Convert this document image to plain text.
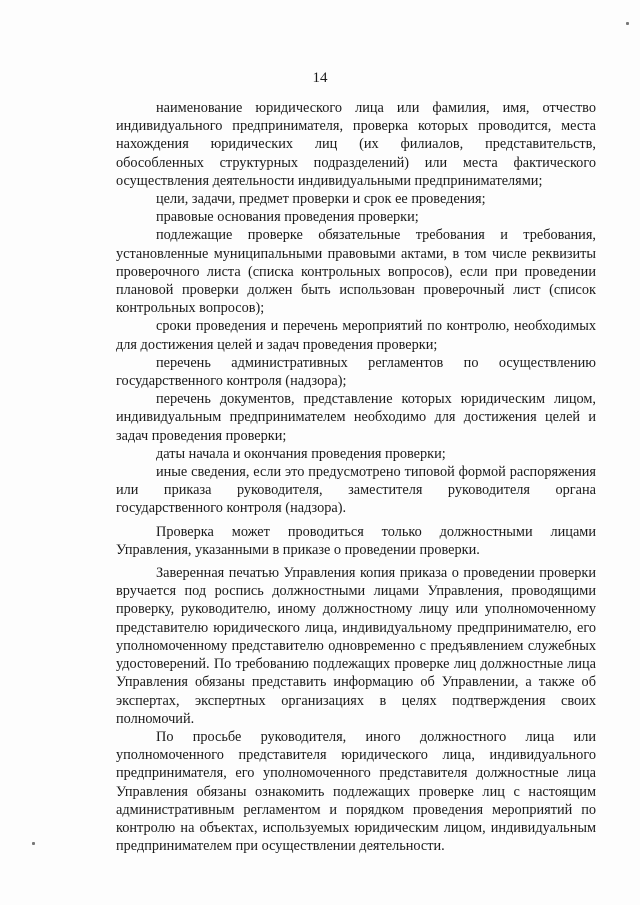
14

наименование юридического лица или фамилия, имя, отчество индивидуального предпринимателя, проверка которых проводится, места нахождения юридических лиц (их филиалов, представительств, обособленных структурных подразделений) или места фактического осуществления деятельности индивидуальными предпринимателями;

цели, задачи, предмет проверки и срок ее проведения;

правовые основания проведения проверки;

подлежащие проверке обязательные требования и требования, установленные муниципальными правовыми актами, в том числе реквизиты проверочного листа (списка контрольных вопросов), если при проведении плановой проверки должен быть использован проверочный лист (список контрольных вопросов);

сроки проведения и перечень мероприятий по контролю, необходимых для достижения целей и задач проведения проверки;

перечень административных регламентов по осуществлению государственного контроля (надзора);

перечень документов, представление которых юридическим лицом, индивидуальным предпринимателем необходимо для достижения целей и задач проведения проверки;

даты начала и окончания проведения проверки;

иные сведения, если это предусмотрено типовой формой распоряжения или приказа руководителя, заместителя руководителя органа государственного контроля (надзора).

Проверка может проводиться только должностными лицами Управления, указанными в приказе о проведении проверки.

Заверенная печатью Управления копия приказа о проведении проверки вручается под роспись должностными лицами Управления, проводящими проверку, руководителю, иному должностному лицу или уполномоченному представителю юридического лица, индивидуальному предпринимателю, его уполномоченному представителю одновременно с предъявлением служебных удостоверений. По требованию подлежащих проверке лиц должностные лица Управления обязаны представить информацию об Управлении, а также об экспертах, экспертных организациях в целях подтверждения своих полномочий.

По просьбе руководителя, иного должностного лица или уполномоченного представителя юридического лица, индивидуального предпринимателя, его уполномоченного представителя должностные лица Управления обязаны ознакомить подлежащих проверке лиц с настоящим административным регламентом и порядком проведения мероприятий по контролю на объектах, используемых юридическим лицом, индивидуальным предпринимателем при осуществлении деятельности.
